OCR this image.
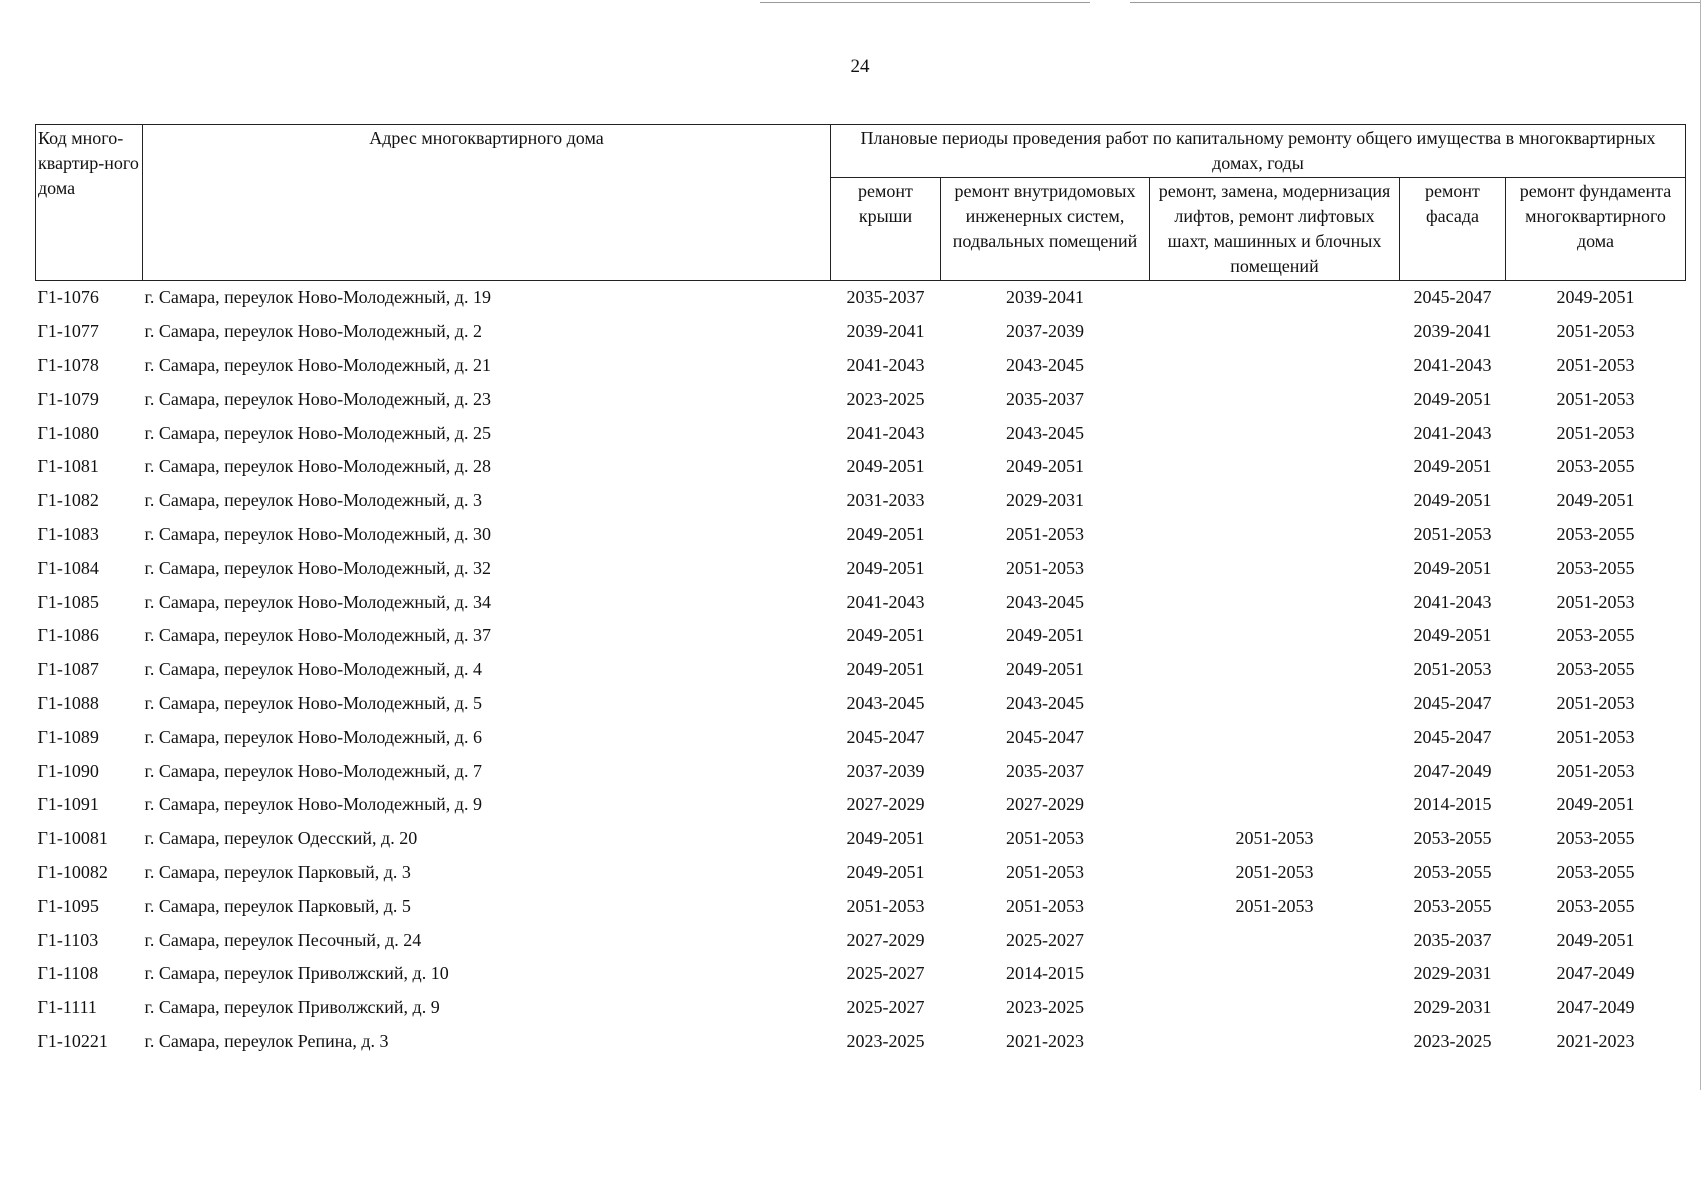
24
Код много-квартир-ного дома	Адрес многоквартирного дома	Плановые периоды проведения работ по капитальному ремонту общего имущества в многоквартирных домах, годы				
		ремонт крыши	ремонт внутридомовых инженерных систем, подвальных помещений	ремонт, замена, модернизация лифтов, ремонт лифтовых шахт, машинных и блочных помещений	ремонт фасада	ремонт фундамента многоквартирного дома
Г1-1076	г. Самара, переулок Ново-Молодежный, д. 19	2035-2037	2039-2041		2045-2047	2049-2051
Г1-1077	г. Самара, переулок Ново-Молодежный, д. 2	2039-2041	2037-2039		2039-2041	2051-2053
Г1-1078	г. Самара, переулок Ново-Молодежный, д. 21	2041-2043	2043-2045		2041-2043	2051-2053
Г1-1079	г. Самара, переулок Ново-Молодежный, д. 23	2023-2025	2035-2037		2049-2051	2051-2053
Г1-1080	г. Самара, переулок Ново-Молодежный, д. 25	2041-2043	2043-2045		2041-2043	2051-2053
Г1-1081	г. Самара, переулок Ново-Молодежный, д. 28	2049-2051	2049-2051		2049-2051	2053-2055
Г1-1082	г. Самара, переулок Ново-Молодежный, д. 3	2031-2033	2029-2031		2049-2051	2049-2051
Г1-1083	г. Самара, переулок Ново-Молодежный, д. 30	2049-2051	2051-2053		2051-2053	2053-2055
Г1-1084	г. Самара, переулок Ново-Молодежный, д. 32	2049-2051	2051-2053		2049-2051	2053-2055
Г1-1085	г. Самара, переулок Ново-Молодежный, д. 34	2041-2043	2043-2045		2041-2043	2051-2053
Г1-1086	г. Самара, переулок Ново-Молодежный, д. 37	2049-2051	2049-2051		2049-2051	2053-2055
Г1-1087	г. Самара, переулок Ново-Молодежный, д. 4	2049-2051	2049-2051		2051-2053	2053-2055
Г1-1088	г. Самара, переулок Ново-Молодежный, д. 5	2043-2045	2043-2045		2045-2047	2051-2053
Г1-1089	г. Самара, переулок Ново-Молодежный, д. 6	2045-2047	2045-2047		2045-2047	2051-2053
Г1-1090	г. Самара, переулок Ново-Молодежный, д. 7	2037-2039	2035-2037		2047-2049	2051-2053
Г1-1091	г. Самара, переулок Ново-Молодежный, д. 9	2027-2029	2027-2029		2014-2015	2049-2051
Г1-10081	г. Самара, переулок Одесский, д. 20	2049-2051	2051-2053	2051-2053	2053-2055	2053-2055
Г1-10082	г. Самара, переулок Парковый, д. 3	2049-2051	2051-2053	2051-2053	2053-2055	2053-2055
Г1-1095	г. Самара, переулок Парковый, д. 5	2051-2053	2051-2053	2051-2053	2053-2055	2053-2055
Г1-1103	г. Самара, переулок Песочный, д. 24	2027-2029	2025-2027		2035-2037	2049-2051
Г1-1108	г. Самара, переулок Приволжский, д. 10	2025-2027	2014-2015		2029-2031	2047-2049
Г1-1111	г. Самара, переулок Приволжский, д. 9	2025-2027	2023-2025		2029-2031	2047-2049
Г1-10221	г. Самара, переулок Репина, д. 3	2023-2025	2021-2023		2023-2025	2021-2023
